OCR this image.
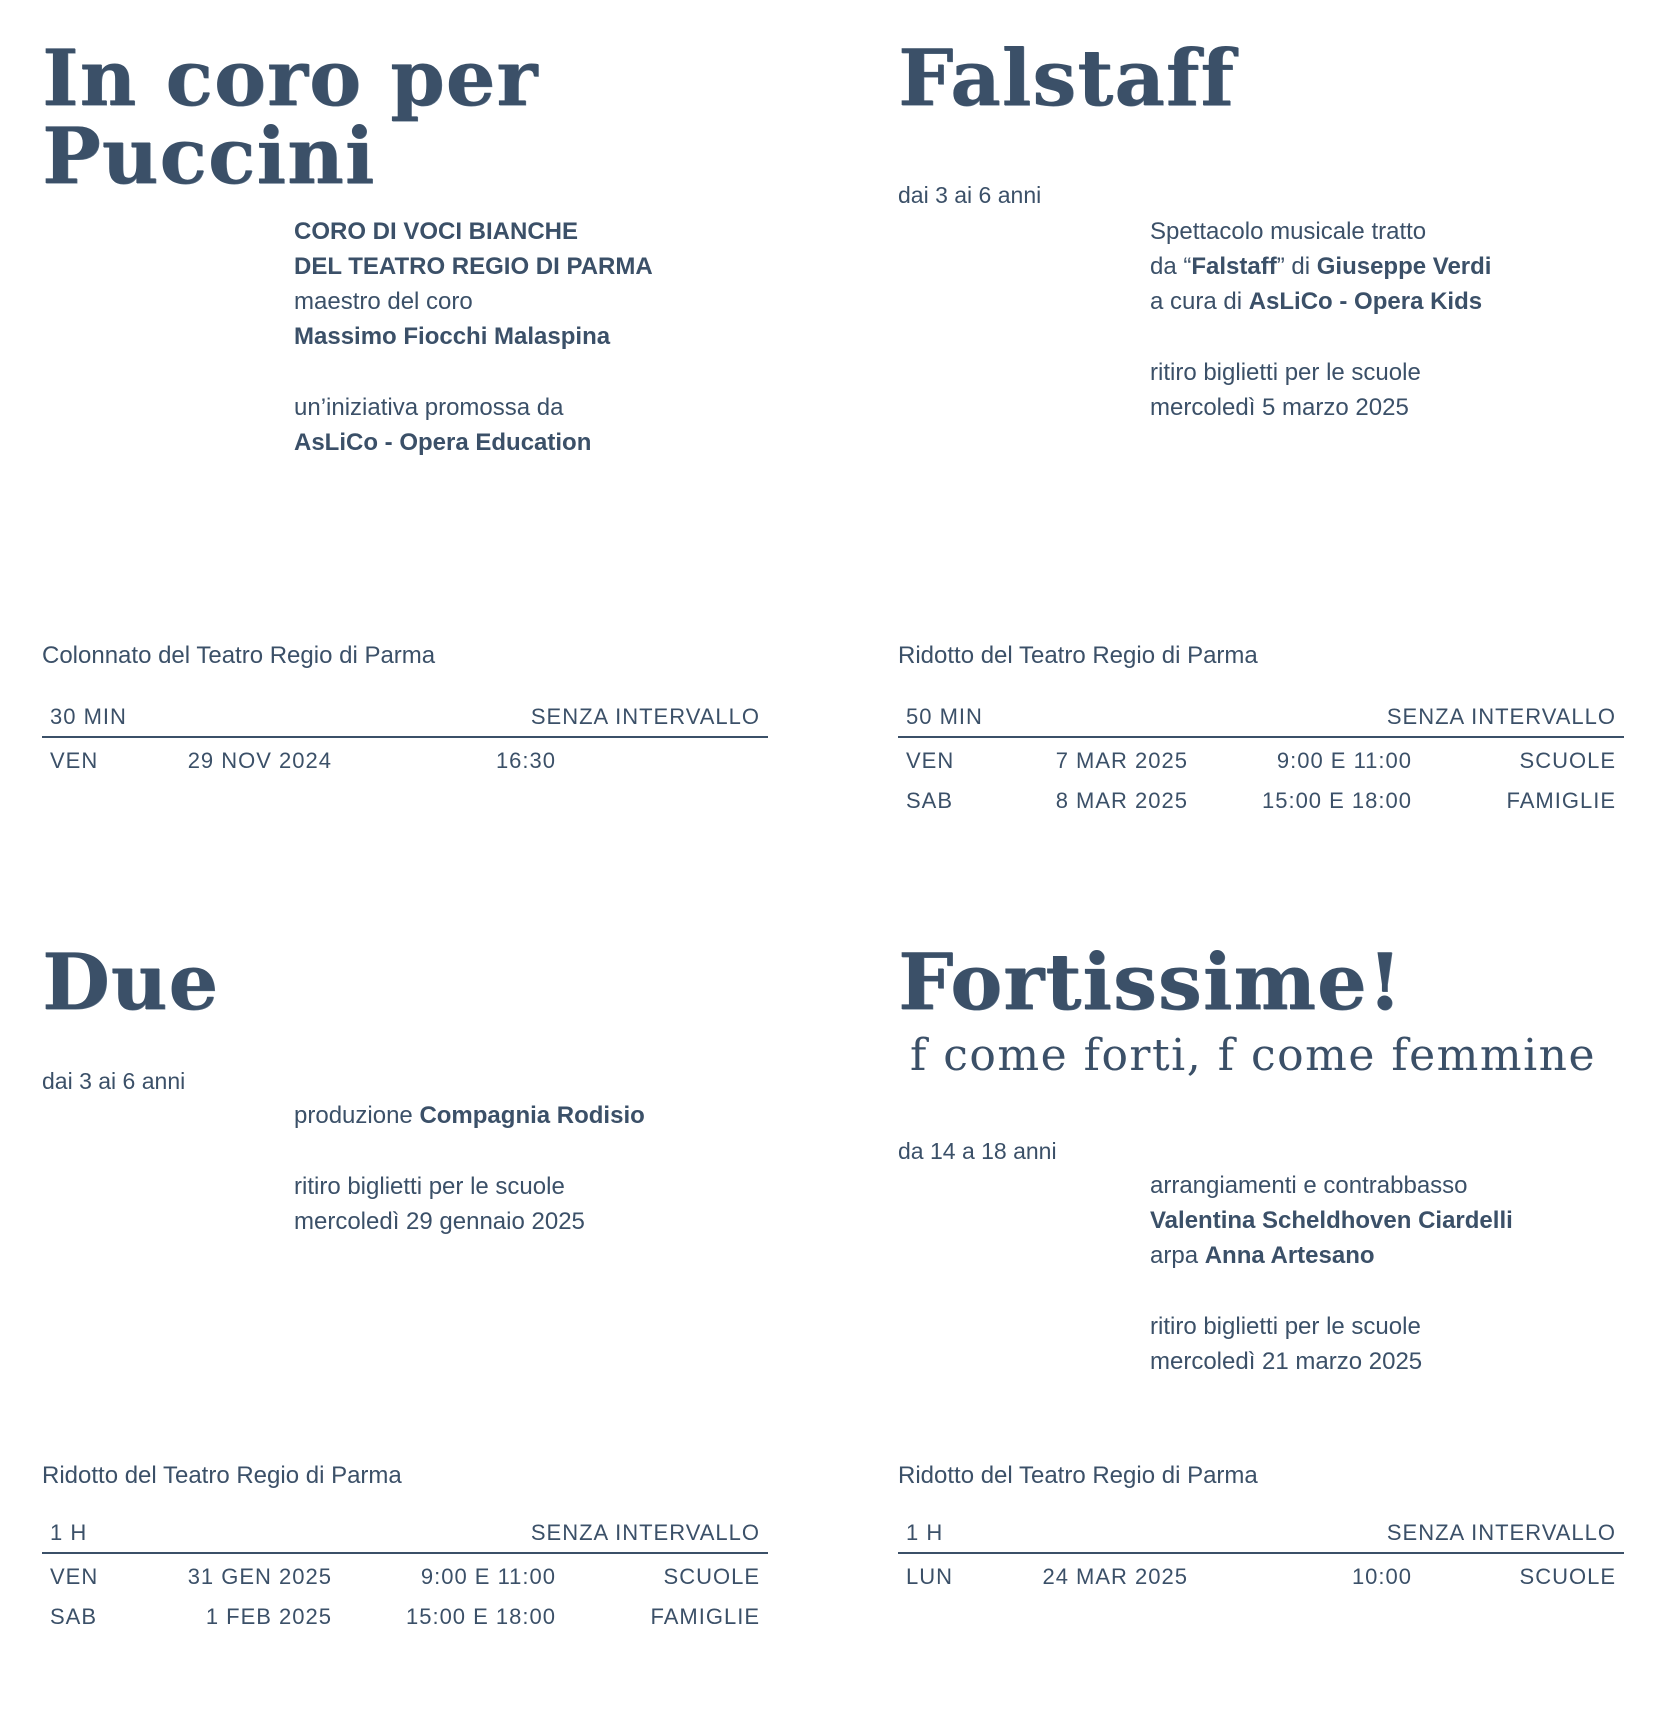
In coro per Puccini

CORO DI VOCI BIANCHE

DEL TEATRO REGIO DI PARMA

maestro del coro

Massimo Fiocchi Malaspina

un’iniziativa promossa da

AsLiCo - Opera Education

Colonnato del Teatro Regio di Parma
30 MIN	SENZA INTERVALLO
VEN	29 NOV 2024	16:30
Falstaff
dai 3 ai 6 anni

Spettacolo musicale tratto

da “Falstaff” di Giuseppe Verdi

a cura di AsLiCo - Opera Kids

ritiro biglietti per le scuole

mercoledì 5 marzo 2025

Ridotto del Teatro Regio di Parma
50 MIN	SENZA INTERVALLO
VEN	7 MAR 2025	9:00 E 11:00	SCUOLE
SAB	8 MAR 2025	15:00 E 18:00	FAMIGLIE
Due
dai 3 ai 6 anni

produzione Compagnia Rodisio

ritiro biglietti per le scuole

mercoledì 29 gennaio 2025

Ridotto del Teatro Regio di Parma
1 H	SENZA INTERVALLO
VEN	31 GEN 2025	9:00 E 11:00	SCUOLE
SAB	1 FEB 2025	15:00 E 18:00	FAMIGLIE
Fortissime!
f come forti, f come femmine
da 14 a 18 anni

arrangiamenti e contrabbasso

Valentina Scheldhoven Ciardelli

arpa Anna Artesano

ritiro biglietti per le scuole

mercoledì 21 marzo 2025

Ridotto del Teatro Regio di Parma
1 H	SENZA INTERVALLO
LUN	24 MAR 2025	10:00	SCUOLE
